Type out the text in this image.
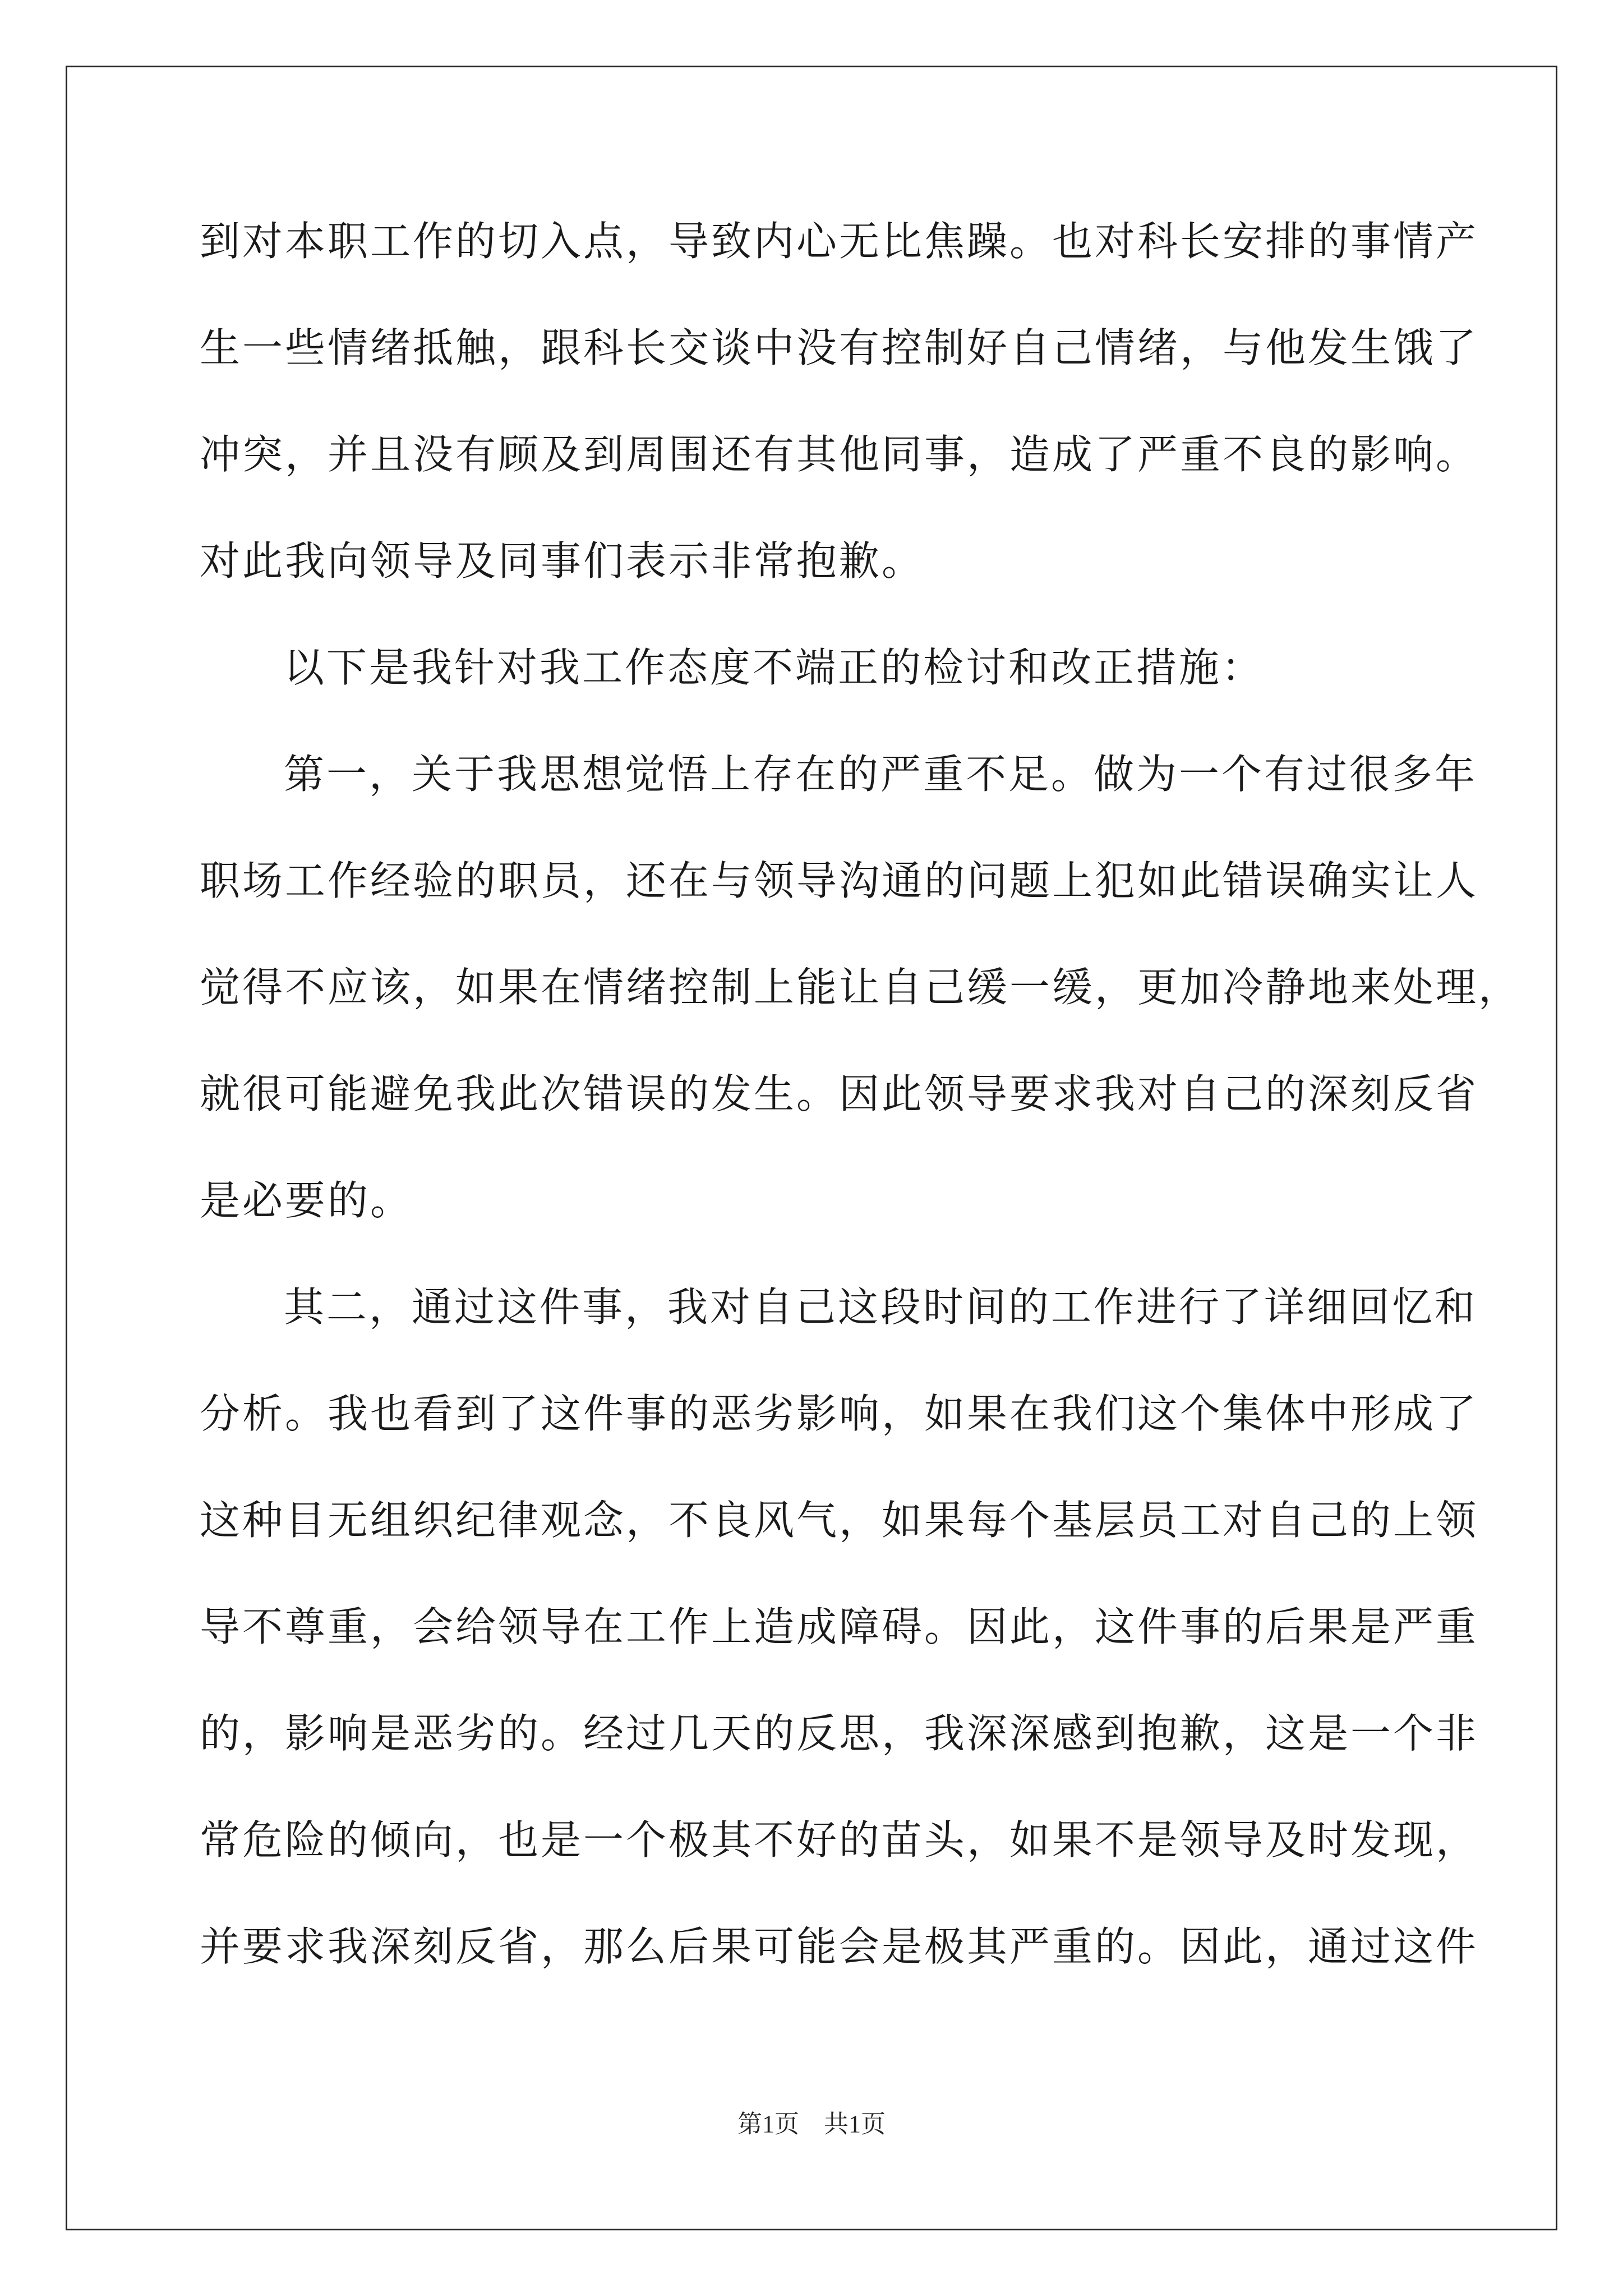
到对本职工作的切入点，导致内心无比焦躁。也对科长安排的事情产
生一些情绪抵触，跟科长交谈中没有控制好自己情绪，与他发生饿了
冲突，并且没有顾及到周围还有其他同事，造成了严重不良的影响。
对此我向领导及同事们表示非常抱歉。
以下是我针对我工作态度不端正的检讨和改正措施：
第一，关于我思想觉悟上存在的严重不足。做为一个有过很多年
职场工作经验的职员，还在与领导沟通的问题上犯如此错误确实让人
觉得不应该，如果在情绪控制上能让自己缓一缓，更加冷静地来处理，
就很可能避免我此次错误的发生。因此领导要求我对自己的深刻反省
是必要的。
其二，通过这件事，我对自己这段时间的工作进行了详细回忆和
分析。我也看到了这件事的恶劣影响，如果在我们这个集体中形成了
这种目无组织纪律观念，不良风气，如果每个基层员工对自己的上领
导不尊重，会给领导在工作上造成障碍。因此，这件事的后果是严重
的，影响是恶劣的。经过几天的反思，我深深感到抱歉，这是一个非
常危险的倾向，也是一个极其不好的苗头，如果不是领导及时发现，
并要求我深刻反省，那么后果可能会是极其严重的。因此，通过这件
第1页　共1页
